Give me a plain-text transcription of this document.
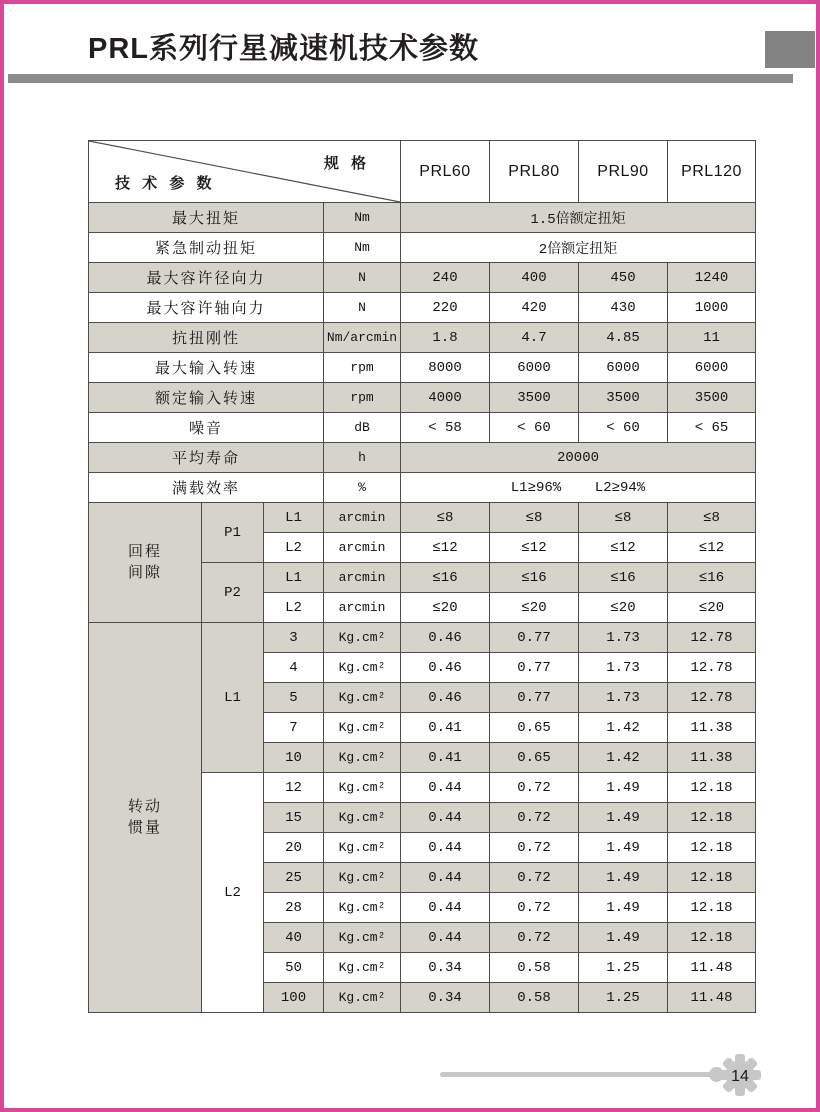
PRL系列行星减速机技术参数
规 格
技 术 参 数				PRL60	PRL80	PRL90	PRL120
最大扭矩			Nm	1.5倍额定扭矩			
紧急制动扭矩			Nm	2倍额定扭矩			
最大容许径向力			N	240	400	450	1240
最大容许轴向力			N	220	420	430	1000
抗扭刚性			Nm/arcmin	1.8	4.7	4.85	11
最大输入转速			rpm	8000	6000	6000	6000
额定输入转速			rpm	4000	3500	3500	3500
噪音			dB	< 58	< 60	< 60	< 65
平均寿命			h	20000			
满载效率			%	L1≥96%    L2≥94%			

回程
间隙	P1	L1	arcmin	≤8	≤8	≤8	≤8
		L2	arcmin	≤12	≤12	≤12	≤12
	P2	L1	arcmin	≤16	≤16	≤16	≤16
		L2	arcmin	≤20	≤20	≤20	≤20

转动
惯量	L1	3	Kg.cm²	0.46	0.77	1.73	12.78
		4	Kg.cm²	0.46	0.77	1.73	12.78
		5	Kg.cm²	0.46	0.77	1.73	12.78
		7	Kg.cm²	0.41	0.65	1.42	11.38
		10	Kg.cm²	0.41	0.65	1.42	11.38
	L2	12	Kg.cm²	0.44	0.72	1.49	12.18
		15	Kg.cm²	0.44	0.72	1.49	12.18
		20	Kg.cm²	0.44	0.72	1.49	12.18
		25	Kg.cm²	0.44	0.72	1.49	12.18
		28	Kg.cm²	0.44	0.72	1.49	12.18
		40	Kg.cm²	0.44	0.72	1.49	12.18
		50	Kg.cm²	0.34	0.58	1.25	11.48
		100	Kg.cm²	0.34	0.58	1.25	11.48
14
